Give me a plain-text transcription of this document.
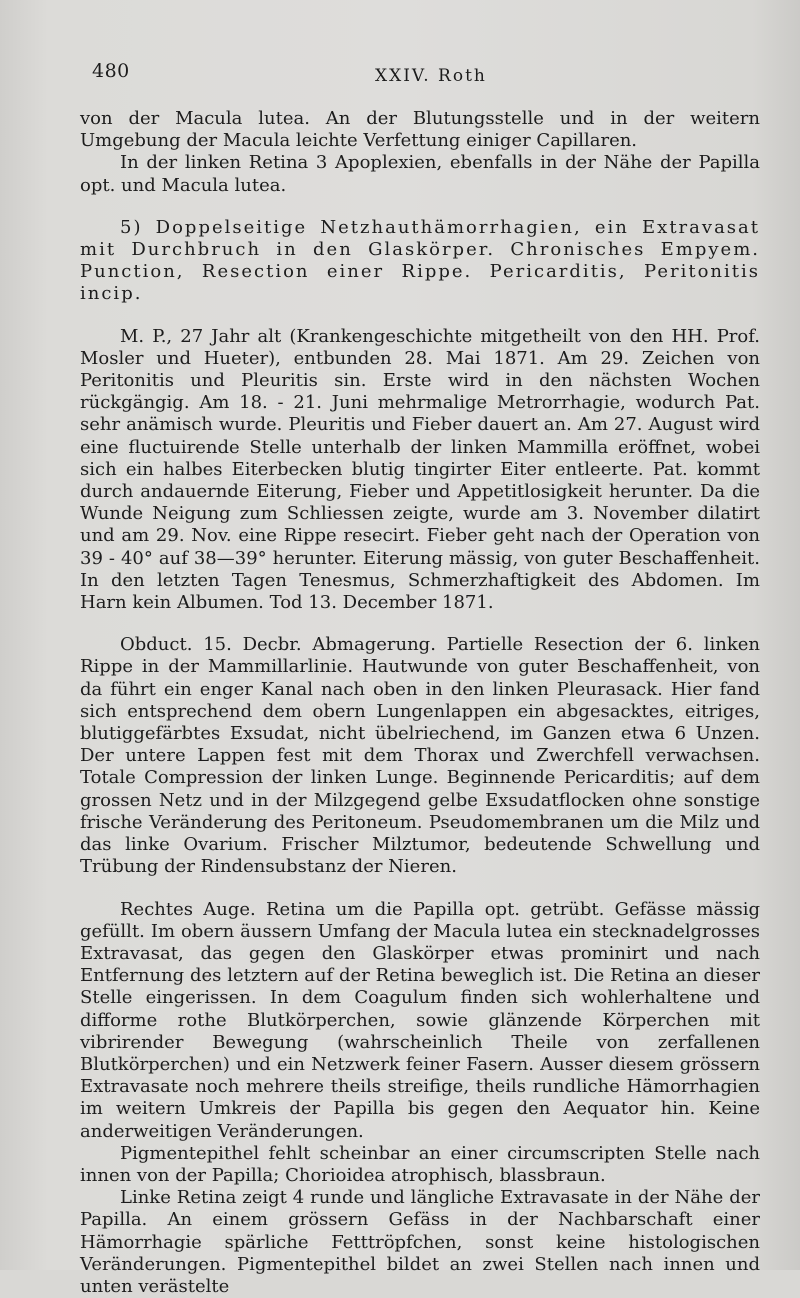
480	XXIV. Roth

von der Macula lutea. An der Blutungsstelle und in der weitern Umgebung der Macula leichte Verfettung einiger Capillaren.

In der linken Retina 3 Apoplexien, ebenfalls in der Nähe der Papilla opt. und Macula lutea.

5) Doppelseitige Netzhauthämorrhagien, ein Extravasat mit Durchbruch in den Glaskörper. Chronisches Empyem. Punction, Resection einer Rippe. Pericarditis, Peritonitis incip.

M. P., 27 Jahr alt (Krankengeschichte mitgetheilt von den HH. Prof. Mosler und Hueter), entbunden 28. Mai 1871. Am 29. Zeichen von Peritonitis und Pleuritis sin. Erste wird in den nächsten Wochen rückgängig. Am 18. - 21. Juni mehrmalige Metrorrhagie, wodurch Pat. sehr anämisch wurde. Pleuritis und Fieber dauert an. Am 27. August wird eine fluctuirende Stelle unterhalb der linken Mammilla eröffnet, wobei sich ein halbes Eiterbecken blutig tingirter Eiter entleerte. Pat. kommt durch andauernde Eiterung, Fieber und Appetitlosigkeit herunter. Da die Wunde Neigung zum Schliessen zeigte, wurde am 3. November dilatirt und am 29. Nov. eine Rippe resecirt. Fieber geht nach der Operation von 39 - 40° auf 38—39° herunter. Eiterung mässig, von guter Beschaffenheit. In den letzten Tagen Tenesmus, Schmerzhaftigkeit des Abdomen. Im Harn kein Albumen. Tod 13. December 1871.

Obduct. 15. Decbr. Abmagerung. Partielle Resection der 6. linken Rippe in der Mammillarlinie. Hautwunde von guter Beschaffenheit, von da führt ein enger Kanal nach oben in den linken Pleurasack. Hier fand sich entsprechend dem obern Lungenlappen ein abgesacktes, eitriges, blutiggefärbtes Exsudat, nicht übelriechend, im Ganzen etwa 6 Unzen. Der untere Lappen fest mit dem Thorax und Zwerchfell verwachsen. Totale Compression der linken Lunge. Beginnende Pericarditis; auf dem grossen Netz und in der Milzgegend gelbe Exsudatflocken ohne sonstige frische Veränderung des Peritoneum. Pseudomembranen um die Milz und das linke Ovarium. Frischer Milztumor, bedeutende Schwellung und Trübung der Rindensubstanz der Nieren.

Rechtes Auge. Retina um die Papilla opt. getrübt. Gefässe mässig gefüllt. Im obern äussern Umfang der Macula lutea ein stecknadelgrosses Extravasat, das gegen den Glaskörper etwas prominirt und nach Entfernung des letztern auf der Retina beweglich ist. Die Retina an dieser Stelle eingerissen. In dem Coagulum finden sich wohlerhaltene und difforme rothe Blutkörperchen, sowie glänzende Körperchen mit vibrirender Bewegung (wahrscheinlich Theile von zerfallenen Blutkörperchen) und ein Netzwerk feiner Fasern. Ausser diesem grössern Extravasate noch mehrere theils streifige, theils rundliche Hämorrhagien im weitern Umkreis der Papilla bis gegen den Aequator hin. Keine anderweitigen Veränderungen.

Pigmentepithel fehlt scheinbar an einer circumscripten Stelle nach innen von der Papilla; Chorioidea atrophisch, blassbraun.

Linke Retina zeigt 4 runde und längliche Extravasate in der Nähe der Papilla. An einem grössern Gefäss in der Nachbarschaft einer Hämorrhagie spärliche Fetttröpfchen, sonst keine histologischen Veränderungen. Pigmentepithel bildet an zwei Stellen nach innen und unten verästelte
